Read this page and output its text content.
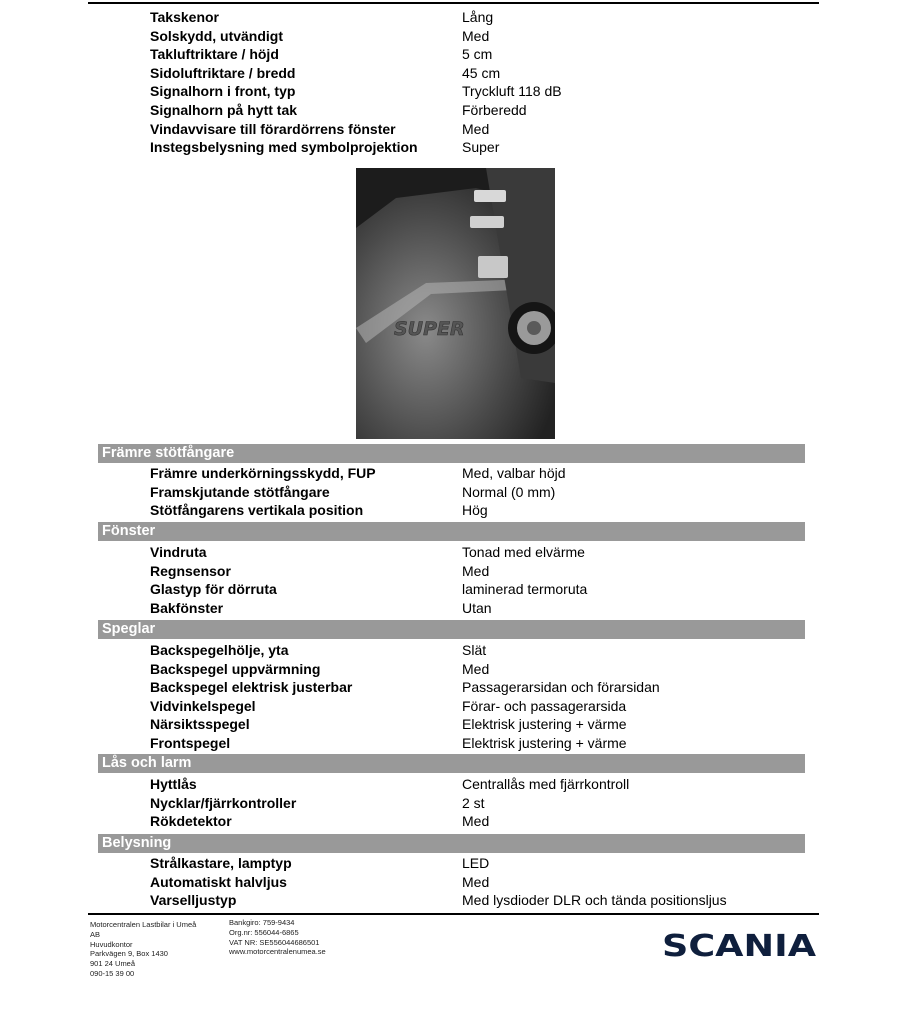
Takskenor	Lång
Solskydd, utvändigt	Med
Takluftriktare / höjd	5 cm
Sidoluftriktare / bredd	45 cm
Signalhorn i front, typ	Tryckluft 118 dB
Signalhorn på hytt tak	Förberedd
Vindavvisare till förardörrens fönster	Med
Instegsbelysning med symbolprojektion	Super
SUPER
Främre stötfångare
Främre underkörningsskydd, FUP	Med, valbar höjd
Framskjutande stötfångare	Normal (0 mm)
Stötfångarens vertikala position	Hög
Fönster
Vindruta	Tonad med elvärme
Regnsensor	Med
Glastyp för dörruta	laminerad termoruta
Bakfönster	Utan
Speglar
Backspegelhölje, yta	Slät
Backspegel uppvärmning	Med
Backspegel elektrisk justerbar	Passagerarsidan och förarsidan
Vidvinkelspegel	Förar- och passagerarsida
Närsiktsspegel	Elektrisk justering + värme
Frontspegel	Elektrisk justering + värme
Lås och larm
Hyttlås	Centrallås med fjärrkontroll
Nycklar/fjärrkontroller	2 st
Rökdetektor	Med
Belysning
Strålkastare, lamptyp	LED
Automatiskt halvljus	Med
Varselljustyp	Med lysdioder DLR och tända positionsljus
Motorcentralen Lastbilar i Umeå
AB
Huvudkontor
Parkvägen 9, Box 1430
901 24 Umeå
090-15 39 00
Bankgiro: 759-9434
Org.nr: 556044-6865
VAT NR: SE556044686501
www.motorcentralenumea.se	SCANIA
